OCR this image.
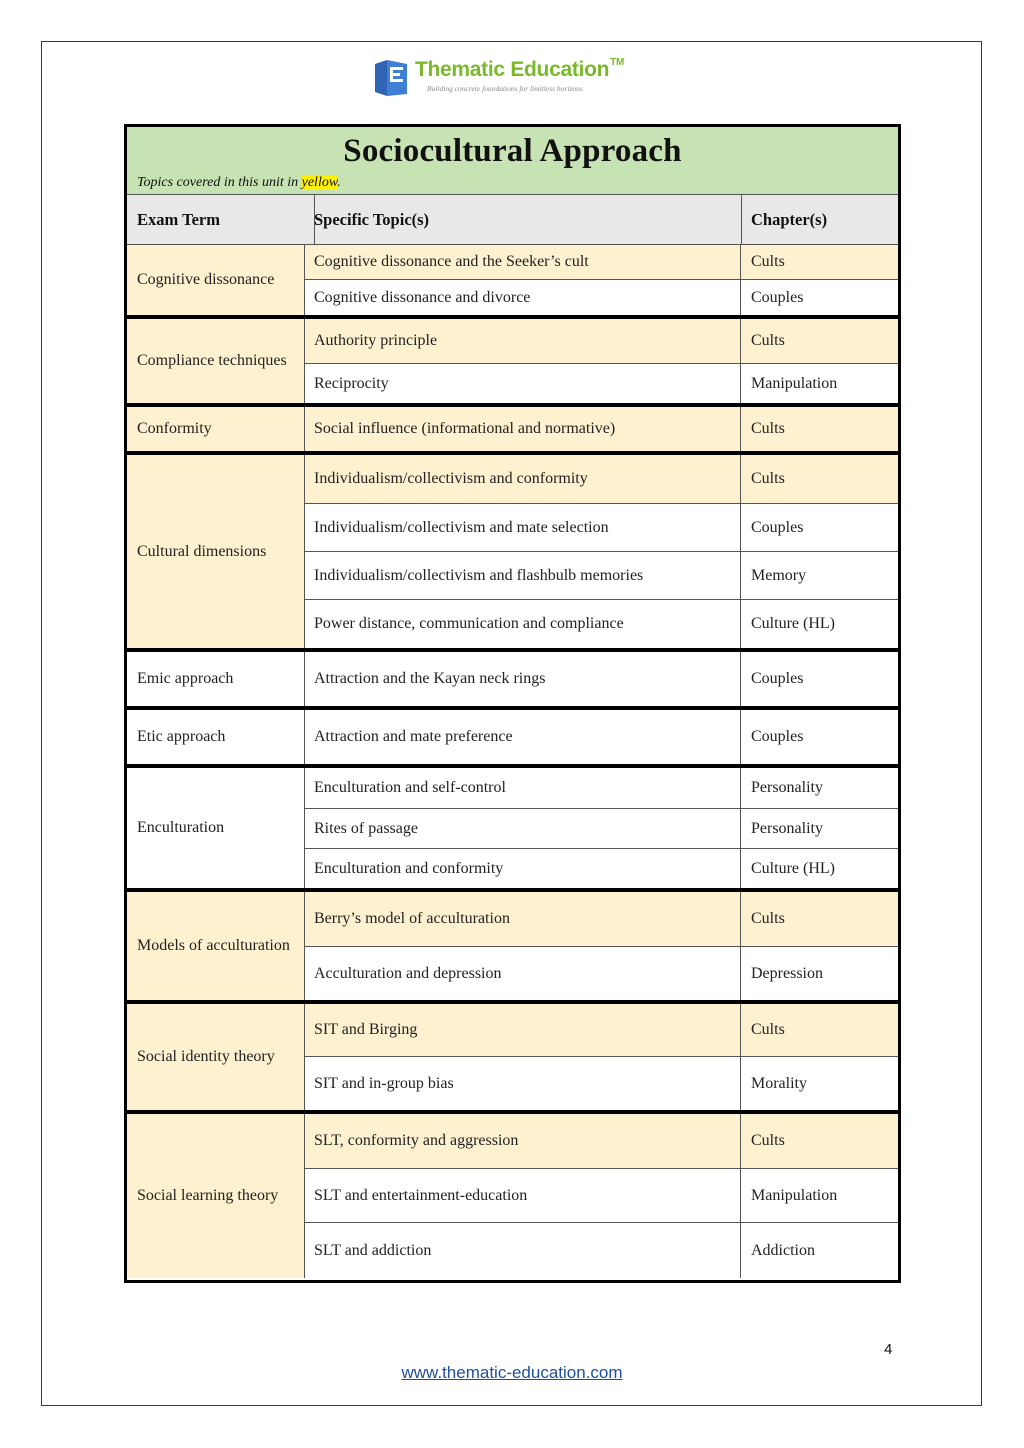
Thematic Education™
Building concrete foundations for limitless horizons
Sociocultural Approach
Topics covered in this unit in yellow.
Exam Term	Specific Topic(s)	Chapter(s)
Cognitive dissonance
Cognitive dissonance and the Seeker’s cult	Cults
Cognitive dissonance and divorce	Couples
Compliance techniques
Authority principle	Cults
Reciprocity	Manipulation
Conformity	Social influence (informational and normative)	Cults
Cultural dimensions
Individualism/collectivism and conformity	Cults
Individualism/collectivism and mate selection	Couples
Individualism/collectivism and flashbulb memories	Memory
Power distance, communication and compliance	Culture (HL)
Emic approach	Attraction and the Kayan neck rings	Couples
Etic approach	Attraction and mate preference	Couples
Enculturation
Enculturation and self-control	Personality
Rites of passage	Personality
Enculturation and conformity	Culture (HL)
Models of acculturation
Berry’s model of acculturation	Cults
Acculturation and depression	Depression
Social identity theory
SIT and Birging	Cults
SIT and in-group bias	Morality
Social learning theory
SLT, conformity and aggression	Cults
SLT and entertainment-education	Manipulation
SLT and addiction	Addiction
4
www.thematic-education.com
